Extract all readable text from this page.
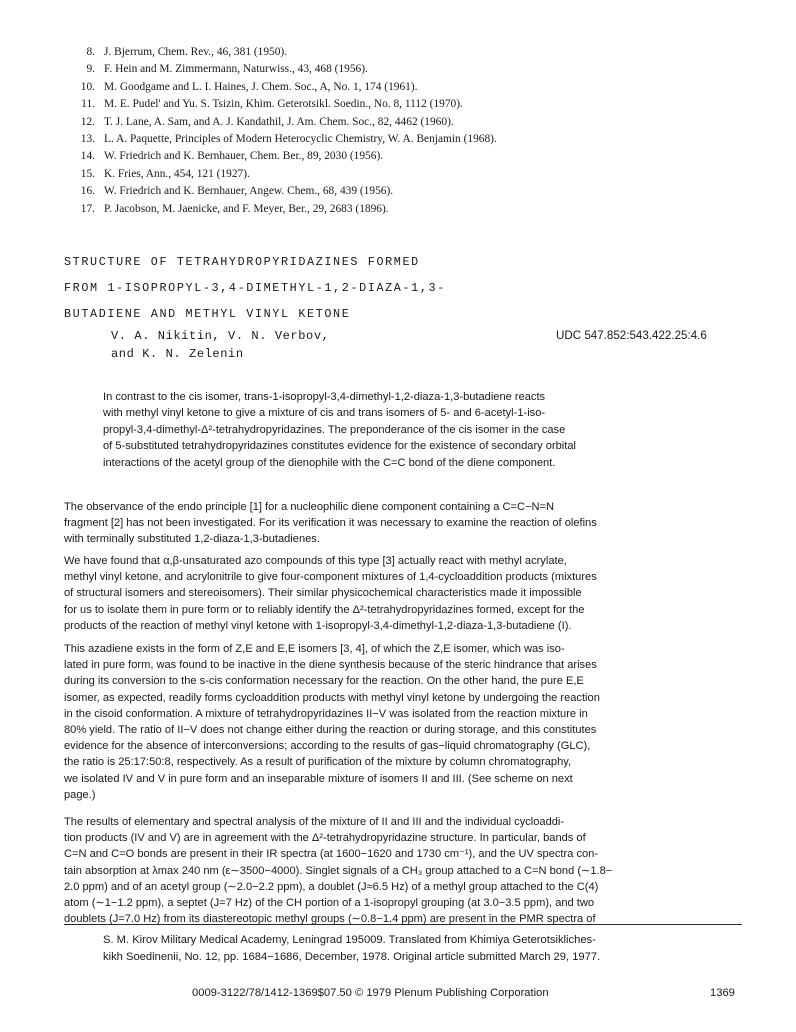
8. J. Bjerrum, Chem. Rev., 46, 381 (1950).
9. F. Hein and M. Zimmermann, Naturwiss., 43, 468 (1956).
10. M. Goodgame and L. I. Haines, J. Chem. Soc., A, No. 1, 174 (1961).
11. M. E. Pudel' and Yu. S. Tsizin, Khim. Geterotsikl. Soedin., No. 8, 1112 (1970).
12. T. J. Lane, A. Sam, and A. J. Kandathil, J. Am. Chem. Soc., 82, 4462 (1960).
13. L. A. Paquette, Principles of Modern Heterocyclic Chemistry, W. A. Benjamin (1968).
14. W. Friedrich and K. Bernhauer, Chem. Ber., 89, 2030 (1956).
15. K. Fries, Ann., 454, 121 (1927).
16. W. Friedrich and K. Bernhauer, Angew. Chem., 68, 439 (1956).
17. P. Jacobson, M. Jaenicke, and F. Meyer, Ber., 29, 2683 (1896).
STRUCTURE OF TETRAHYDROPYRIDAZINES FORMED
FROM 1-ISOPROPYL-3,4-DIMETHYL-1,2-DIAZA-1,3-
BUTADIENE AND METHYL VINYL KETONE
V. A. Nikitin, V. N. Verbov,
and K. N. Zelenin
UDC 547.852:543.422.25:4.6
In contrast to the cis isomer, trans-1-isopropyl-3,4-dimethyl-1,2-diaza-1,3-butadiene reacts
with methyl vinyl ketone to give a mixture of cis and trans isomers of 5- and 6-acetyl-1-iso-
propyl-3,4-dimethyl-Δ²-tetrahydropyridazines. The preponderance of the cis isomer in the case
of 5-substituted tetrahydropyridazines constitutes evidence for the existence of secondary orbital
interactions of the acetyl group of the dienophile with the C=C bond of the diene component.
The observance of the endo principle [1] for a nucleophilic diene component containing a C=C−N=N
fragment [2] has not been investigated. For its verification it was necessary to examine the reaction of olefins
with terminally substituted 1,2-diaza-1,3-butadienes.
We have found that α,β-unsaturated azo compounds of this type [3] actually react with methyl acrylate,
methyl vinyl ketone, and acrylonitrile to give four-component mixtures of 1,4-cycloaddition products (mixtures
of structural isomers and stereoisomers). Their similar physicochemical characteristics made it impossible
for us to isolate them in pure form or to reliably identify the Δ²-tetrahydropyridazines formed, except for the
products of the reaction of methyl vinyl ketone with 1-isopropyl-3,4-dimethyl-1,2-diaza-1,3-butadiene (I).
This azadiene exists in the form of Z,E and E,E isomers [3, 4], of which the Z,E isomer, which was iso-
lated in pure form, was found to be inactive in the diene synthesis because of the steric hindrance that arises
during its conversion to the s-cis conformation necessary for the reaction. On the other hand, the pure E,E
isomer, as expected, readily forms cycloaddition products with methyl vinyl ketone by undergoing the reaction
in the cisoid conformation. A mixture of tetrahydropyridazines II−V was isolated from the reaction mixture in
80% yield. The ratio of II−V does not change either during the reaction or during storage, and this constitutes
evidence for the absence of interconversions; according to the results of gas−liquid chromatography (GLC),
the ratio is 25:17:50:8, respectively. As a result of purification of the mixture by column chromatography,
we isolated IV and V in pure form and an inseparable mixture of isomers II and III. (See scheme on next
page.)
The results of elementary and spectral analysis of the mixture of II and III and the individual cycloaddi-
tion products (IV and V) are in agreement with the Δ²-tetrahydropyridazine structure. In particular, bands of
C=N and C=O bonds are present in their IR spectra (at 1600−1620 and 1730 cm⁻¹), and the UV spectra con-
tain absorption at λmax 240 nm (ε∼3500−4000). Singlet signals of a CH₃ group attached to a C=N bond (∼1.8−
2.0 ppm) and of an acetyl group (∼2.0−2.2 ppm), a doublet (J≈6.5 Hz) of a methyl group attached to the C(4)
atom (∼1−1.2 ppm), a septet (J=7 Hz) of the CH portion of a 1-isopropyl grouping (at 3.0−3.5 ppm), and two
doublets (J=7.0 Hz) from its diastereotopic methyl groups (∼0.8−1.4 ppm) are present in the PMR spectra of
S. M. Kirov Military Medical Academy, Leningrad 195009. Translated from Khimiya Geterotsikliches-
kikh Soedinenii, No. 12, pp. 1684−1686, December, 1978. Original article submitted March 29, 1977.
0009-3122/78/1412-1369$07.50 © 1979 Plenum Publishing Corporation	1369
